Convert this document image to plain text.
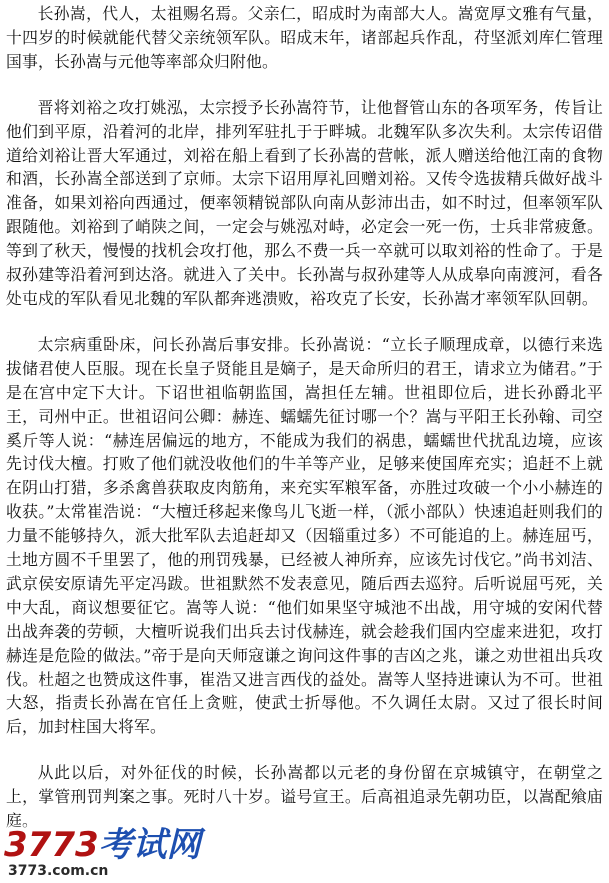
长孙嵩，代人，太祖赐名焉。父亲仁，昭成时为南部大人。嵩宽厚文雅有气量，十四岁的时候就能代替父亲统领军队。昭成末年，诸部起兵作乱，苻坚派刘库仁管理国事，长孙嵩与元他等率部众归附他。

晋将刘裕之攻打姚泓，太宗授予长孙嵩符节，让他督管山东的各项军务，传旨让他们到平原，沿着河的北岸，排列军驻扎于于畔城。北魏军队多次失利。太宗传诏借道给刘裕让晋大军通过，刘裕在船上看到了长孙嵩的营帐，派人赠送给他江南的食物和酒，长孙嵩全部送到了京师。太宗下诏用厚礼回赠刘裕。又传令选拔精兵做好战斗准备，如果刘裕向西通过，便率领精锐部队向南从彭沛出击，如不时过，但率领军队跟随他。刘裕到了峭陕之间，一定会与姚泓对峙，必定会一死一伤，士兵非常疲惫。等到了秋天，慢慢的找机会攻打他，那么不费一兵一卒就可以取刘裕的性命了。于是叔孙建等沿着河到达洛。就进入了关中。长孙嵩与叔孙建等人从成皋向南渡河，看各处屯戍的军队看见北魏的军队都奔逃溃败，裕攻克了长安，长孙嵩才率领军队回朝。

太宗病重卧床，问长孙嵩后事安排。长孙嵩说：“立长子顺理成章，以德行来选拔储君使人臣服。现在长皇子贤能且是嫡子，是天命所归的君王，请求立为储君。”于是在宫中定下大计。下诏世祖临朝监国，嵩担任左辅。世祖即位后，进长孙爵北平王，司州中正。世祖诏问公卿：赫连、蠕蠕先征讨哪一个？嵩与平阳王长孙翰、司空奚斤等人说：“赫连居偏远的地方，不能成为我们的祸患，蠕蠕世代扰乱边境，应该先讨伐大檀。打败了他们就没收他们的牛羊等产业，足够来使国库充实；追赶不上就在阴山打猎，多杀禽兽获取皮肉筋角，来充实军粮军备，亦胜过攻破一个小小赫连的收获。”太常崔浩说：“大檀迁移起来像鸟儿飞逝一样，（派小部队）快速追赶则我们的力量不能够持久，派大批军队去追赶却又（因辎重过多）不可能追的上。赫连屈丐，土地方圆不千里罢了，他的刑罚残暴，已经被人神所弃，应该先讨伐它。”尚书刘洁、武京侯安原请先平定冯跋。世祖默然不发表意见，随后西去巡狩。后听说屈丐死，关中大乱，商议想要征它。嵩等人说：“他们如果坚守城池不出战，用守城的安闲代替出战奔袭的劳顿，大檀听说我们出兵去讨伐赫连，就会趁我们国内空虚来进犯，攻打赫连是危险的做法。”帝于是向天师寇谦之询问这件事的吉凶之兆，谦之劝世祖出兵攻伐。杜超之也赞成这件事，崔浩又进言西伐的益处。嵩等人坚持进谏认为不可。世祖大怒，指责长孙嵩在官任上贪赃，使武士折辱他。不久调任太尉。又过了很长时间后，加封柱国大将军。

从此以后，对外征伐的时候，长孙嵩都以元老的身份留在京城镇守，在朝堂之上，掌管刑罚判案之事。死时八十岁。谥号宣王。后高祖追录先朝功臣，以嵩配飨庙庭。

3773考试网
3773.com.cn
